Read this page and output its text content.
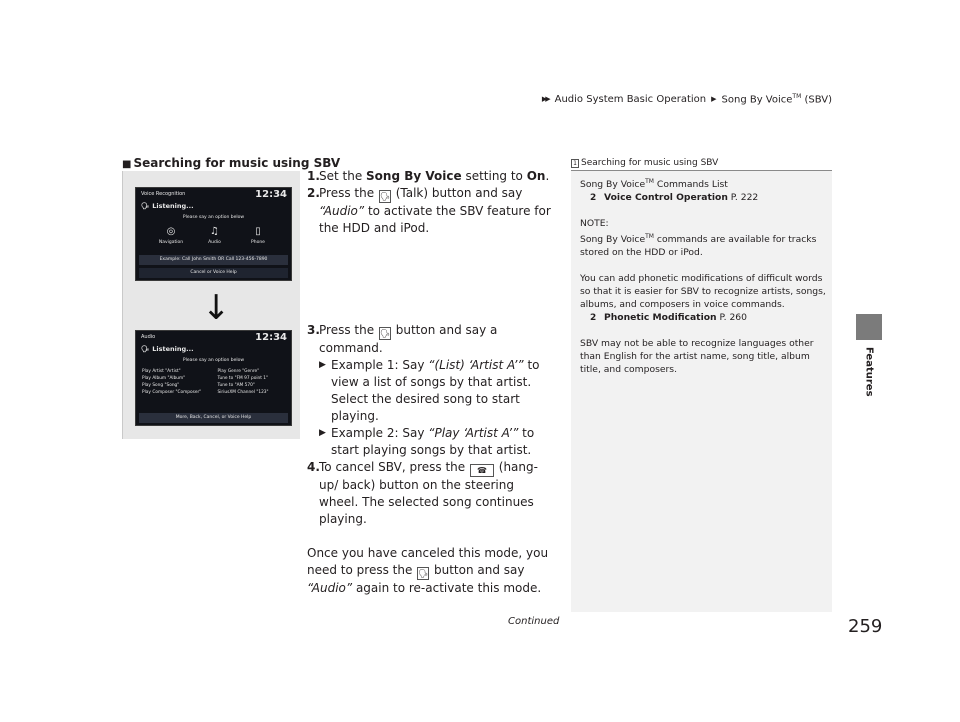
▶▶ Audio System Basic Operation ▶ Song By Voice™ (SBV)
Features
■ Searching for music using SBV
Voice Recognition	12:34
🗣 Listening...
Please say an option below
◎
Navigation
♫
Audio
▯
Phone
Example: Call John Smith OR Call 123-456-7890
Cancel or Voice Help
Audio	12:34
🗣 Listening...
Please say an option below
Play Artist "Artist"	Play Genre "Genre"
Play Album "Album"	Tune to "FM 97 point 1"
Play Song "Song"	Tune to "AM 570"
Play Composer "Composer"	SiriusXM Channel "123"
More, Back, Cancel, or Voice Help
↓
1. Set the Song By Voice setting to On.
2. Press the 🗣 (Talk) button and say “Audio” to activate the SBV feature for the HDD and iPod.
3. Press the 🗣 button and say a command.
▶ Example 1: Say “(List) ‘Artist A’” to view a list of songs by that artist. Select the desired song to start playing.
▶ Example 2: Say “Play ‘Artist A’” to start playing songs by that artist.
4. To cancel SBV, press the ☎ (hang-up/ back) button on the steering wheel. The selected song continues playing.
Once you have canceled this mode, you need to press the 🗣 button and say “Audio” again to re-activate this mode.
1 Searching for music using SBV

Song By Voice™ Commands List

2 Voice Control Operation P. 222

NOTE:
Song By Voice™ commands are available for tracks stored on the HDD or iPod.

You can add phonetic modifications of difficult words so that it is easier for SBV to recognize artists, songs, albums, and composers in voice commands.

2 Phonetic Modification P. 260

SBV may not be able to recognize languages other than English for the artist name, song title, album title, and composers.

Continued	259
